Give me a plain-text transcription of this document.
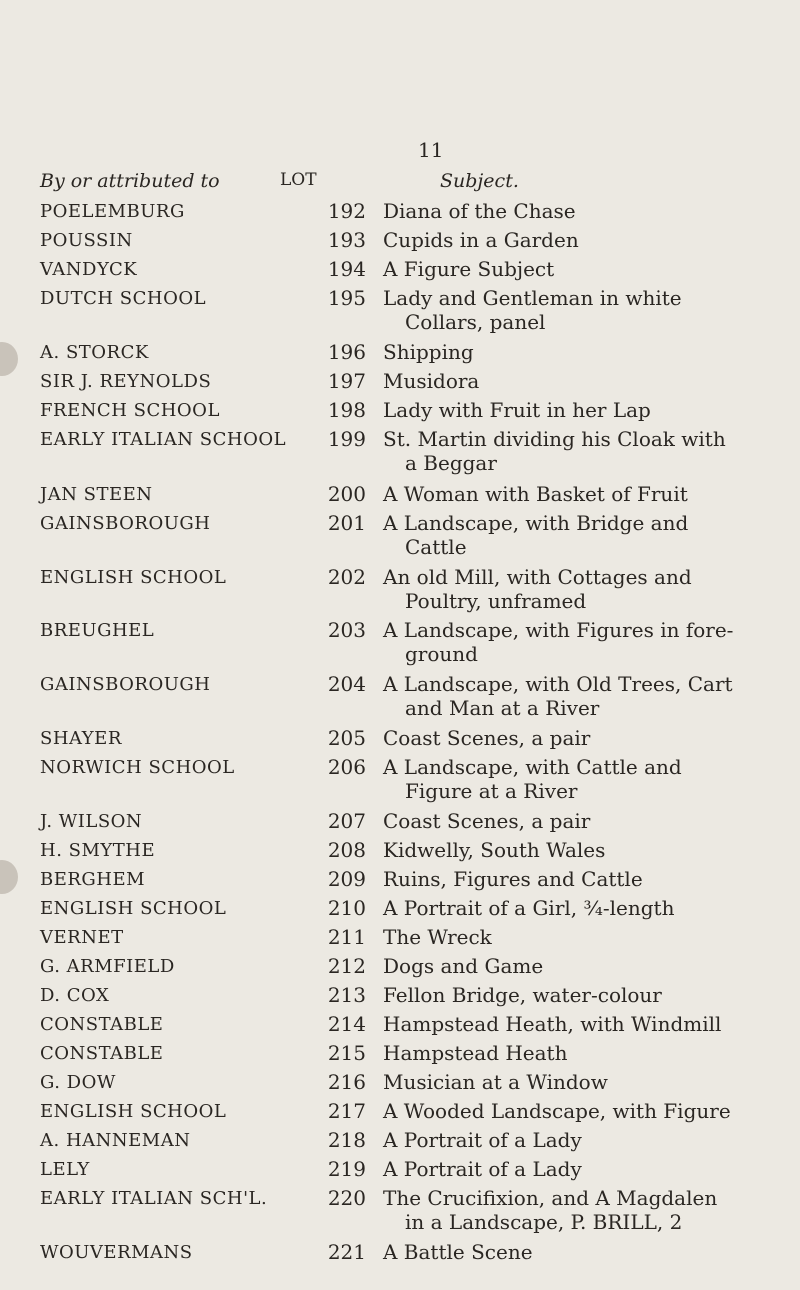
11
By or attributed to	LOT	Subject.
POELEMBURG	192 Diana of the Chase
POUSSIN	193 Cupids in a Garden
VANDYCK	194 A Figure Subject
DUTCH SCHOOL	195 Lady and Gentleman in white
Collars, panel
A. STORCK	196 Shipping
SIR J. REYNOLDS	197 Musidora
FRENCH SCHOOL	198 Lady with Fruit in her Lap
EARLY ITALIAN SCHOOL 199 St. Martin dividing his Cloak with
a Beggar
JAN STEEN	200 A Woman with Basket of Fruit
GAINSBOROUGH	201 A Landscape, with Bridge and
Cattle
ENGLISH SCHOOL	202 An old Mill, with Cottages and
Poultry, unframed
BREUGHEL	203 A Landscape, with Figures in fore-
ground
GAINSBOROUGH	204 A Landscape, with Old Trees, Cart
and Man at a River
SHAYER	205 Coast Scenes, a pair
NORWICH SCHOOL	206 A Landscape, with Cattle and
Figure at a River
J. WILSON	207 Coast Scenes, a pair
H. SMYTHE	208 Kidwelly, South Wales
BERGHEM	209 Ruins, Figures and Cattle
ENGLISH SCHOOL	210 A Portrait of a Girl, ¾-length
VERNET	211 The Wreck
G. ARMFIELD	212 Dogs and Game
D. COX	213 Fellon Bridge, water-colour
CONSTABLE	214 Hampstead Heath, with Windmill
CONSTABLE	215 Hampstead Heath
G. DOW	216 Musician at a Window
ENGLISH SCHOOL	217 A Wooded Landscape, with Figure
A. HANNEMAN	218 A Portrait of a Lady
LELY	219 A Portrait of a Lady
EARLY ITALIAN SCH'L.	220 The Crucifixion, and A Magdalen
in a Landscape, P. BRILL, 2
WOUVERMANS	221 A Battle Scene
